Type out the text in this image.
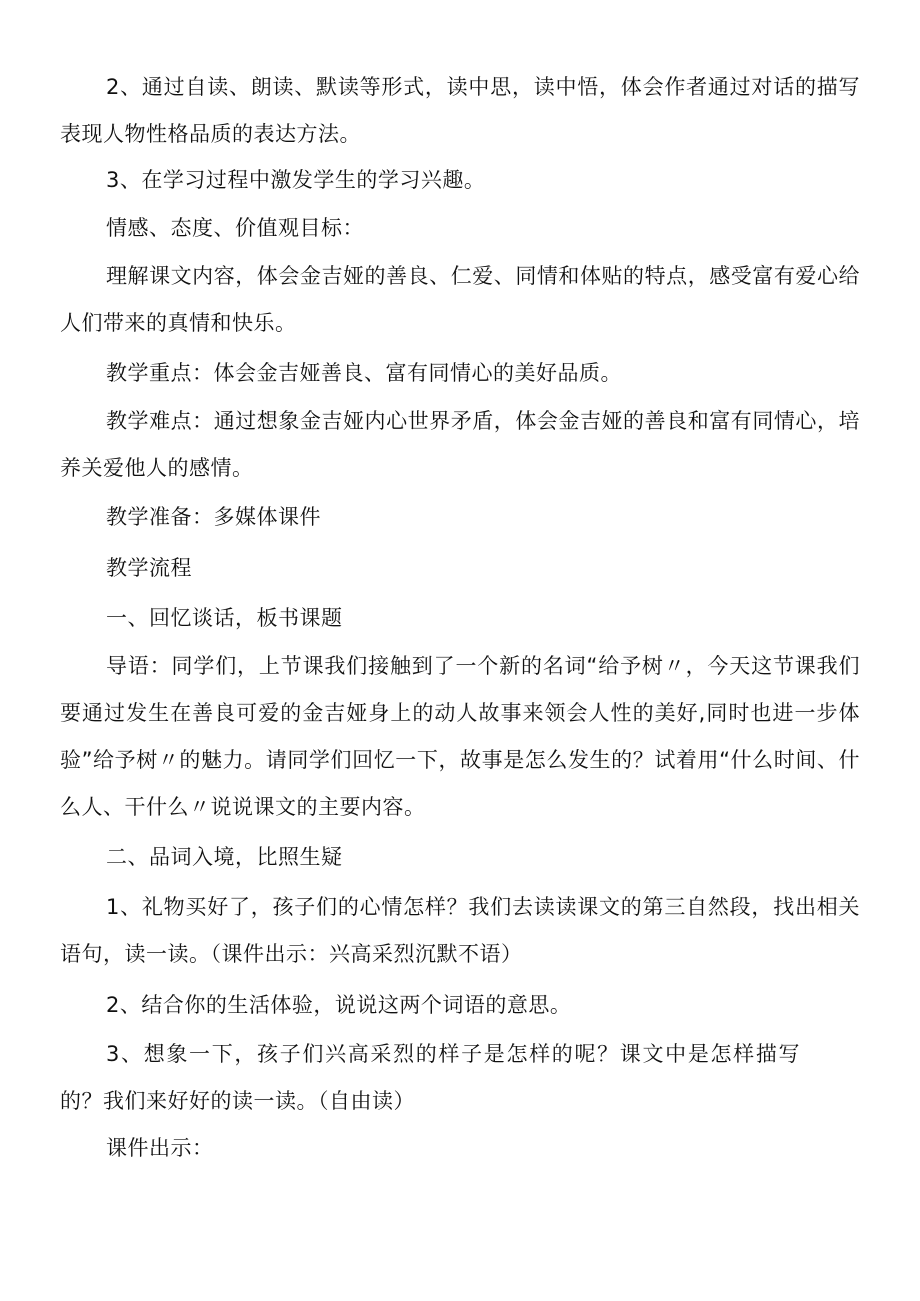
2、通过自读、朗读、默读等形式，读中思，读中悟，体会作者通过对话的描写表现人物性格品质的表达方法。

3、在学习过程中激发学生的学习兴趣。

情感、态度、价值观目标：

理解课文内容，体会金吉娅的善良、仁爱、同情和体贴的特点，感受富有爱心给人们带来的真情和快乐。

教学重点：体会金吉娅善良、富有同情心的美好品质。

教学难点：通过想象金吉娅内心世界矛盾，体会金吉娅的善良和富有同情心，培养关爱他人的感情。

教学准备：多媒体课件

教学流程

一、回忆谈话，板书课题

导语：同学们，上节课我们接触到了一个新的名词“给予树〃，今天这节课我们要通过发生在善良可爱的金吉娅身上的动人故事来领会人性的美好,同时也进一步体验”给予树〃的魅力。请同学们回忆一下，故事是怎么发生的？试着用“什么时间、什么人、干什么〃说说课文的主要内容。

二、品词入境，比照生疑

1、礼物买好了，孩子们的心情怎样？我们去读读课文的第三自然段，找出相关语句，读一读。（课件出示：兴高采烈沉默不语）

2、结合你的生活体验，说说这两个词语的意思。

3、想象一下，孩子们兴高采烈的样子是怎样的呢？课文中是怎样描写的？我们来好好的读一读。（自由读）

课件出示：
